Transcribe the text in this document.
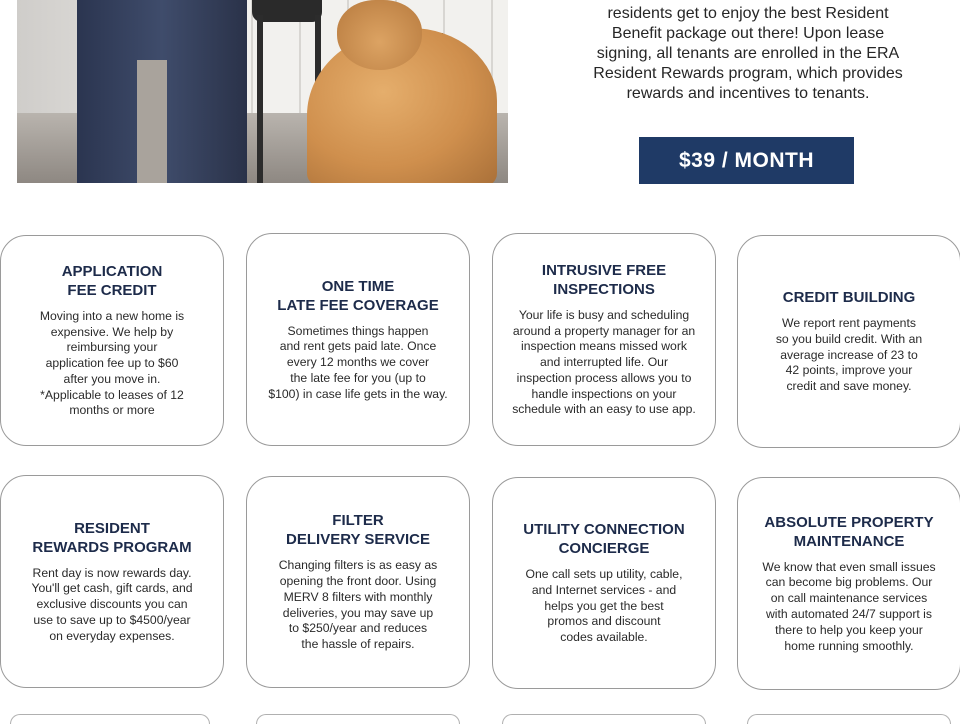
residents get to enjoy the best Resident
Benefit package out there! Upon lease
signing, all tenants are enrolled in the ERA
Resident Rewards program, which provides
rewards and incentives to tenants.

$39 / MONTH
APPLICATION
FEE CREDIT
Moving into a new home is
expensive. We help by
reimbursing your
application fee up to $60
after you move in.
*Applicable to leases of 12
months or more
ONE TIME
LATE FEE COVERAGE
Sometimes things happen
and rent gets paid late. Once
every 12 months we cover
the late fee for you (up to
$100) in case life gets in the way.
INTRUSIVE FREE
INSPECTIONS
Your life is busy and scheduling
around a property manager for an
inspection means missed work
and interrupted life. Our
inspection process allows you to
handle inspections on your
schedule with an easy to use app.
CREDIT BUILDING
We report rent payments
so you build credit. With an
average increase of 23 to
42 points, improve your
credit and save money.
RESIDENT
REWARDS PROGRAM
Rent day is now rewards day.
You'll get cash, gift cards, and
exclusive discounts you can
use to save up to $4500/year
on everyday expenses.
FILTER
DELIVERY SERVICE
Changing filters is as easy as
opening the front door. Using
MERV 8 filters with monthly
deliveries, you may save up
to $250/year and reduces
the hassle of repairs.
UTILITY CONNECTION
CONCIERGE
One call sets up utility, cable,
and Internet services - and
helps you get the best
promos and discount
codes available.
ABSOLUTE PROPERTY
MAINTENANCE
We know that even small issues
can become big problems. Our
on call maintenance services
with automated 24/7 support is
there to help you keep your
home running smoothly.
